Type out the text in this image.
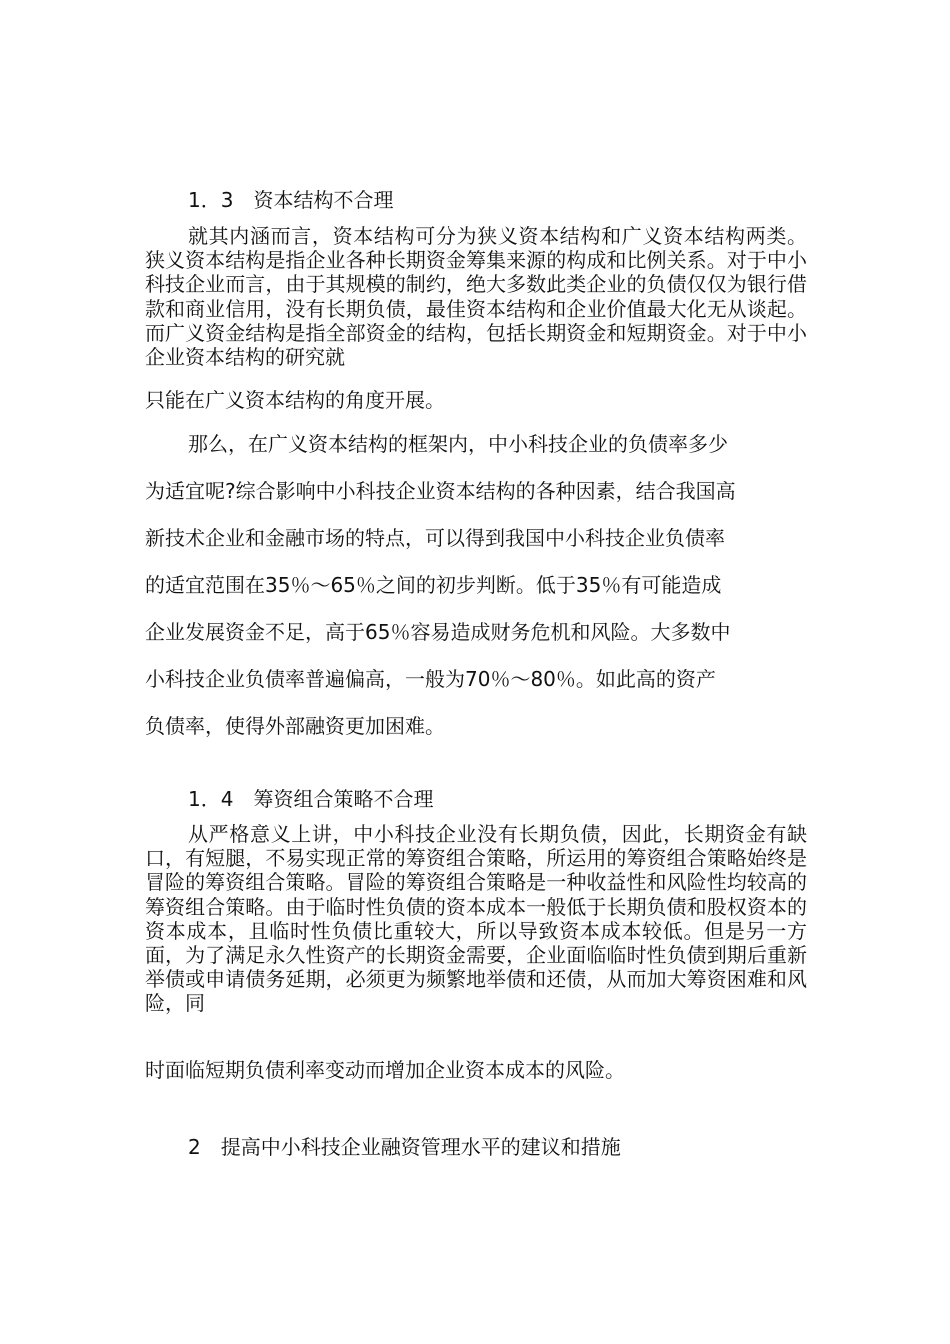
1．3　资本结构不合理

就其内涵而言，资本结构可分为狭义资本结构和广义资本结构两类。狭义资本结构是指企业各种长期资金筹集来源的构成和比例关系。对于中小科技企业而言，由于其规模的制约，绝大多数此类企业的负债仅仅为银行借款和商业信用，没有长期负债，最佳资本结构和企业价值最大化无从谈起。而广义资金结构是指全部资金的结构，包括长期资金和短期资金。对于中小企业资本结构的研究就

只能在广义资本结构的角度开展。

那么，在广义资本结构的框架内，中小科技企业的负债率多少

为适宜呢?综合影响中小科技企业资本结构的各种因素，结合我国高

新技术企业和金融市场的特点，可以得到我国中小科技企业负债率

的适宜范围在35％～65％之间的初步判断。低于35％有可能造成

企业发展资金不足，高于65％容易造成财务危机和风险。大多数中

小科技企业负债率普遍偏高，一般为70％～80％。如此高的资产

负债率，使得外部融资更加困难。

1．4　筹资组合策略不合理

从严格意义上讲，中小科技企业没有长期负债，因此，长期资金有缺口，有短腿，不易实现正常的筹资组合策略，所运用的筹资组合策略始终是冒险的筹资组合策略。冒险的筹资组合策略是一种收益性和风险性均较高的筹资组合策略。由于临时性负债的资本成本一般低于长期负债和股权资本的资本成本，且临时性负债比重较大，所以导致资本成本较低。但是另一方面，为了满足永久性资产的长期资金需要，企业面临临时性负债到期后重新举债或申请债务延期，必须更为频繁地举债和还债，从而加大筹资困难和风险，同

时面临短期负债利率变动而增加企业资本成本的风险。

2　提高中小科技企业融资管理水平的建议和措施
